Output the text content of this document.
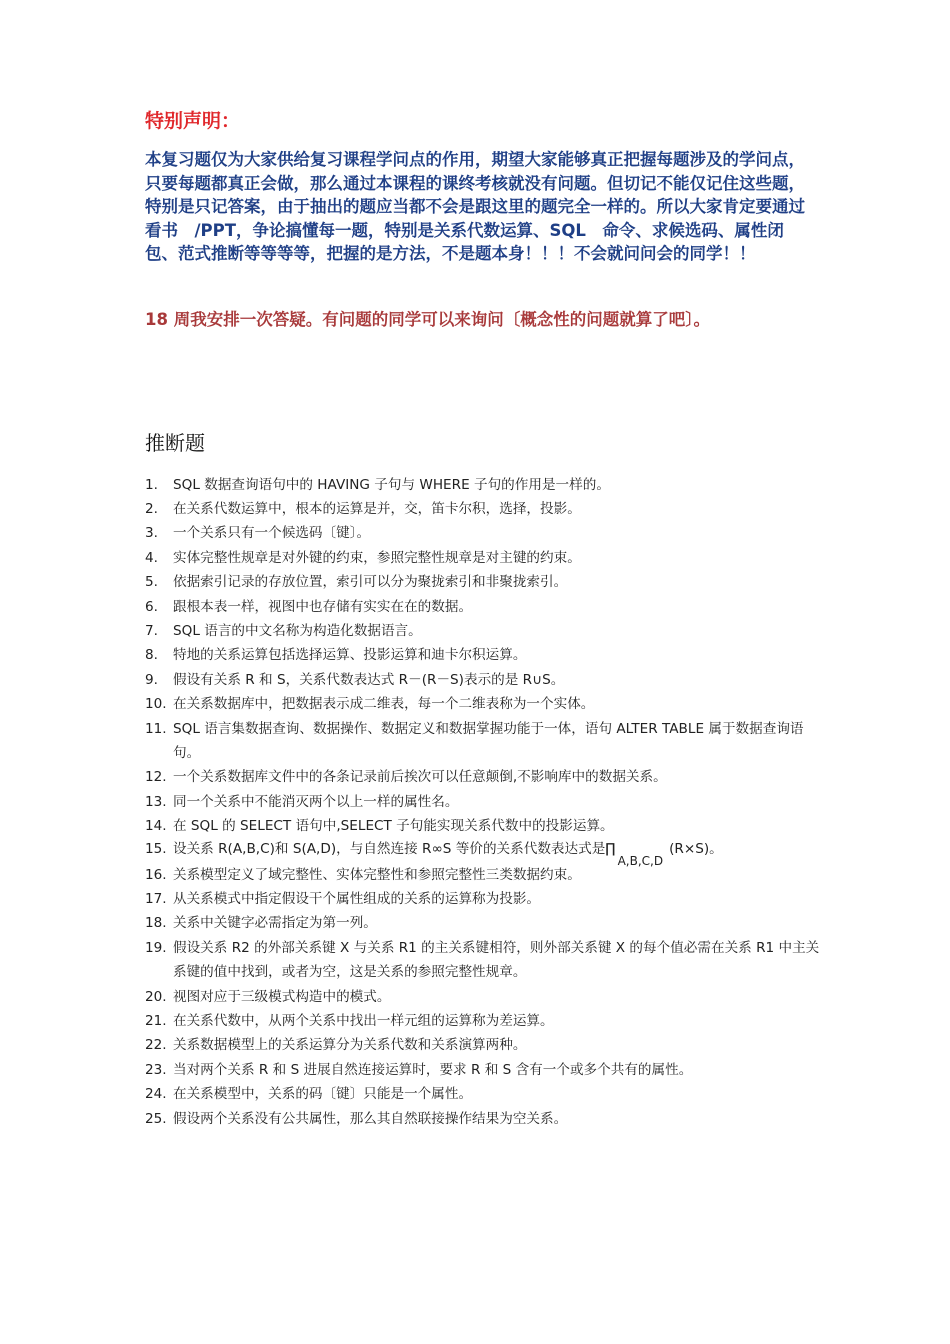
特别声明：

本复习题仅为大家供给复习课程学问点的作用，期望大家能够真正把握每题涉及的学问点，只要每题都真正会做，那么通过本课程的课终考核就没有问题。但切记不能仅记住这些题，特别是只记答案，由于抽出的题应当都不会是跟这里的题完全一样的。所以大家肯定要通过看书　/PPT，争论搞懂每一题，特别是关系代数运算、SQL　命令、求候选码、属性闭包、范式推断等等等等，把握的是方法，不是题本身！！！不会就问问会的同学！！

18 周我安排一次答疑。有问题的同学可以来询问〔概念性的问题就算了吧〕。

推断题
1. SQL 数据查询语句中的 HAVING 子句与 WHERE 子句的作用是一样的。
2. 在关系代数运算中，根本的运算是并，交，笛卡尔积，选择，投影。
3. 一个关系只有一个候选码〔键〕。
4. 实体完整性规章是对外键的约束，参照完整性规章是对主键的约束。
5. 依据索引记录的存放位置，索引可以分为聚拢索引和非聚拢索引。
6. 跟根本表一样，视图中也存储有实实在在的数据。
7. SQL 语言的中文名称为构造化数据语言。
8. 特地的关系运算包括选择运算、投影运算和迪卡尔积运算。
9. 假设有关系 R 和 S，关系代数表达式 R－(R－S)表示的是 R∪S。
10. 在关系数据库中，把数据表示成二维表，每一个二维表称为一个实体。
11. SQL 语言集数据查询、数据操作、数据定义和数据掌握功能于一体，语句 ALTER TABLE 属于数据查询语句。
12. 一个关系数据库文件中的各条记录前后挨次可以任意颠倒,不影响库中的数据关系。
13. 同一个关系中不能消灭两个以上一样的属性名。
14. 在 SQL 的 SELECT 语句中,SELECT 子句能实现关系代数中的投影运算。
15. 设关系 R(A,B,C)和 S(A,D)，与自然连接 R∞S 等价的关系代数表达式是∏A,B,C,D(R×S)。
16. 关系模型定义了域完整性、实体完整性和参照完整性三类数据约束。
17. 从关系模式中指定假设干个属性组成的关系的运算称为投影。
18. 关系中关键字必需指定为第一列。
19. 假设关系 R2 的外部关系键 X 与关系 R1 的主关系键相符，则外部关系键 X 的每个值必需在关系 R1 中主关系键的值中找到，或者为空，这是关系的参照完整性规章。
20. 视图对应于三级模式构造中的模式。
21. 在关系代数中，从两个关系中找出一样元组的运算称为差运算。
22. 关系数据模型上的关系运算分为关系代数和关系演算两种。
23. 当对两个关系 R 和 S 进展自然连接运算时，要求 R 和 S 含有一个或多个共有的属性。
24. 在关系模型中，关系的码〔键〕只能是一个属性。
25. 假设两个关系没有公共属性，那么其自然联接操作结果为空关系。
